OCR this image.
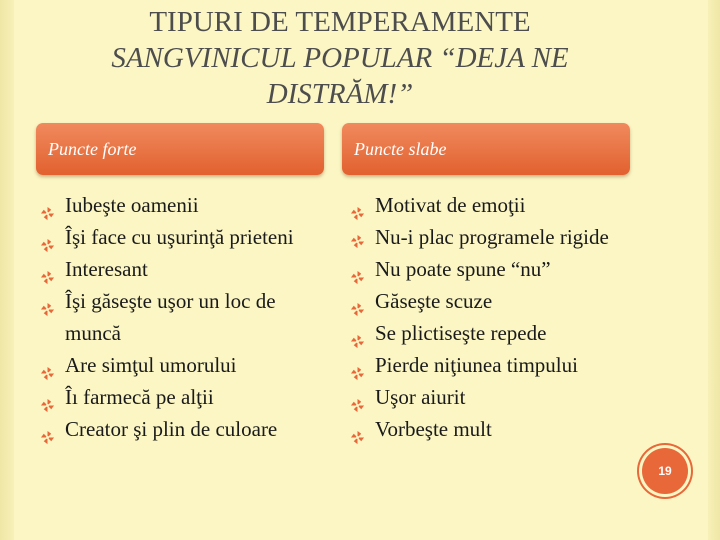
TIPURI DE TEMPERAMENTE
SANGVINICUL POPULAR “DEJA NE
DISTRĂM!”
Puncte forte	Puncte slabe
Iubeşte oamenii
Îşi face cu uşurinţă prieteni
Interesant
Îşi găseşte uşor un loc de muncă
Are simţul umorului
Îı farmecă pe alţii
Creator şi plin de culoare
Motivat de emoţii
Nu-i plac programele rigide
Nu poate spune “nu”
Găseşte scuze
Se plictiseşte repede
Pierde niţiunea timpului
Uşor aiurit
Vorbeşte mult
19
